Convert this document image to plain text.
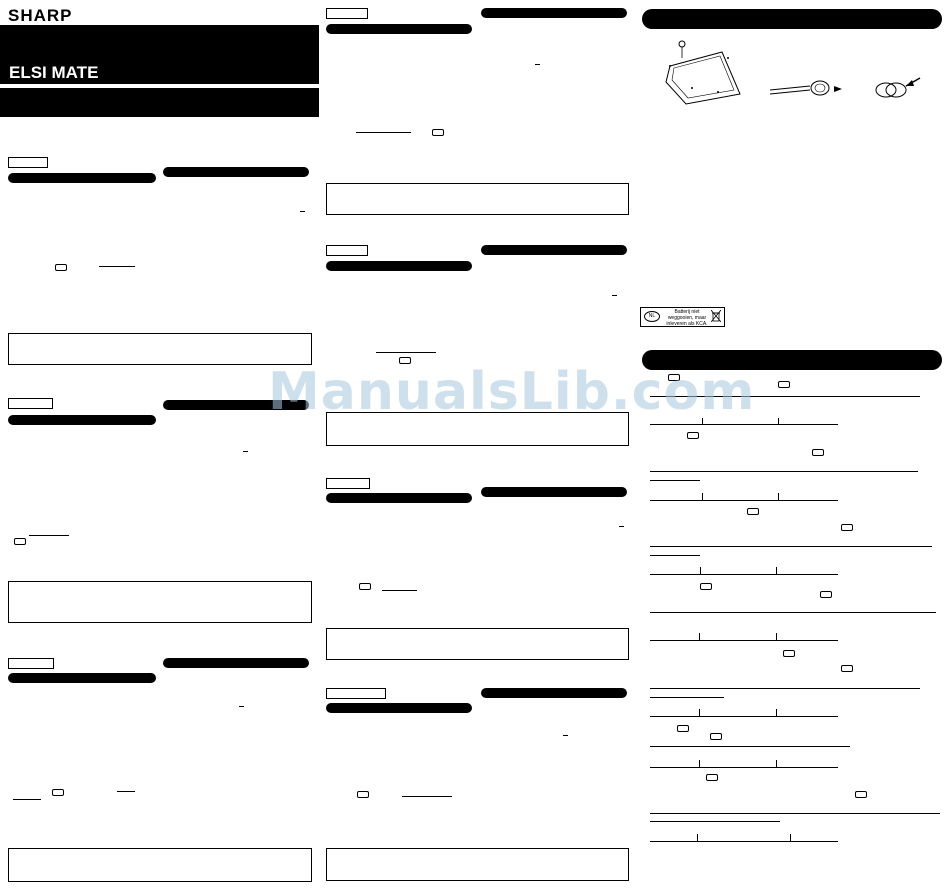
SHARP
ELSI MATE
NL
Batterij niet weggooien, maar inleveren als KCA.
ManualsLib.com
